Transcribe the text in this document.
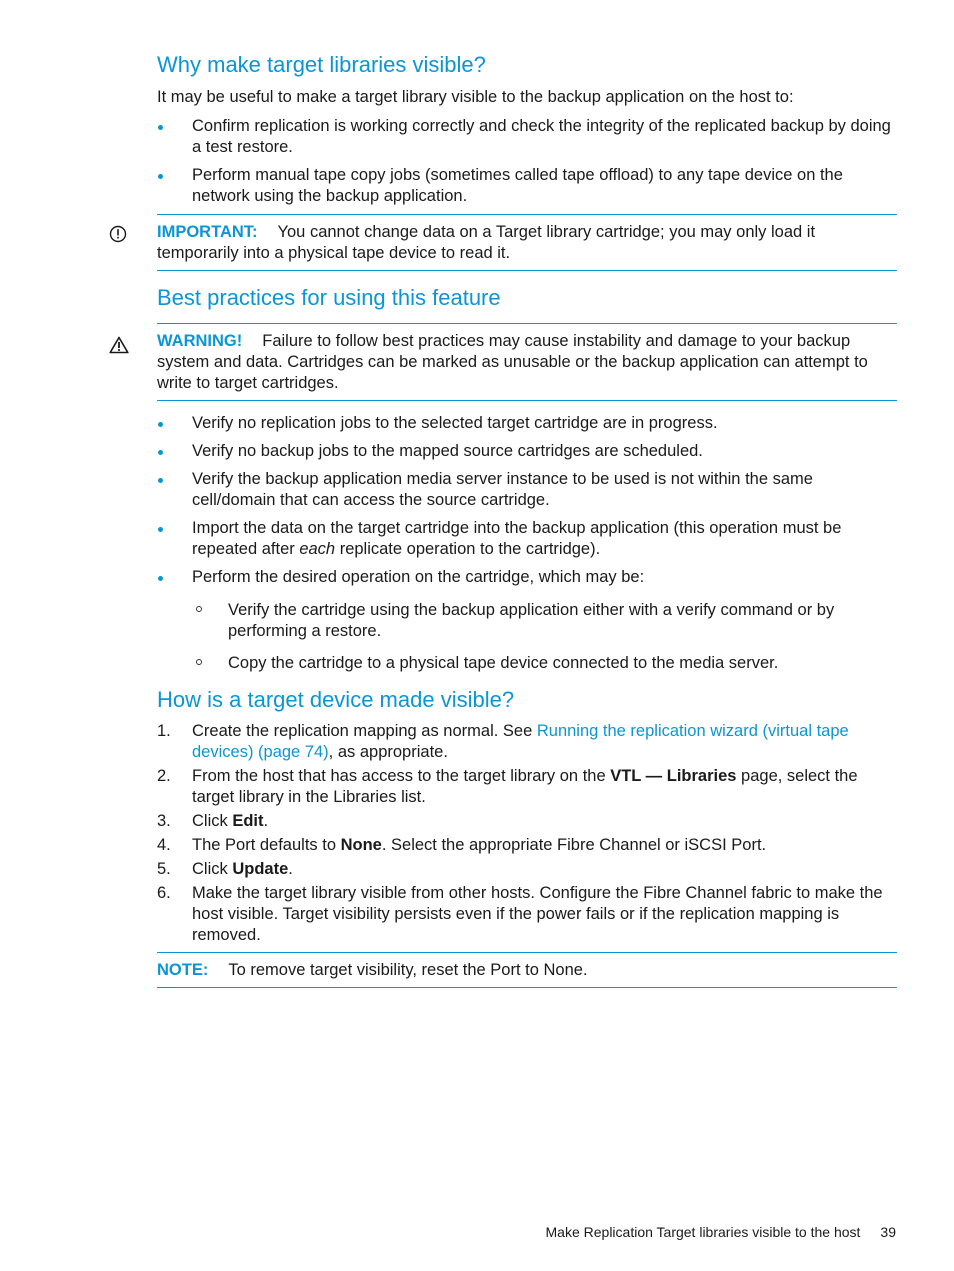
Why make target libraries visible?

It may be useful to make a target library visible to the backup application on the host to:

Confirm replication is working correctly and check the integrity of the replicated backup by doing a test restore.
Perform manual tape copy jobs (sometimes called tape offload) to any tape device on the network using the backup application.
IMPORTANT: You cannot change data on a Target library cartridge; you may only load it temporarily into a physical tape device to read it.
Best practices for using this feature
WARNING! Failure to follow best practices may cause instability and damage to your backup system and data. Cartridges can be marked as unusable or the backup application can attempt to write to target cartridges.
Verify no replication jobs to the selected target cartridge are in progress.
Verify no backup jobs to the mapped source cartridges are scheduled.
Verify the backup application media server instance to be used is not within the same cell/domain that can access the source cartridge.
Import the data on the target cartridge into the backup application (this operation must be repeated after each replicate operation to the cartridge).
Perform the desired operation on the cartridge, which may be:
Verify the cartridge using the backup application either with a verify command or by performing a restore.
Copy the cartridge to a physical tape device connected to the media server.
How is a target device made visible?
1. Create the replication mapping as normal. See Running the replication wizard (virtual tape devices) (page 74), as appropriate.
2. From the host that has access to the target library on the VTL — Libraries page, select the target library in the Libraries list.
3. Click Edit.
4. The Port defaults to None. Select the appropriate Fibre Channel or iSCSI Port.
5. Click Update.
6. Make the target library visible from other hosts. Configure the Fibre Channel fabric to make the host visible. Target visibility persists even if the power fails or if the replication mapping is removed.
NOTE: To remove target visibility, reset the Port to None.
Make Replication Target libraries visible to the host 39
